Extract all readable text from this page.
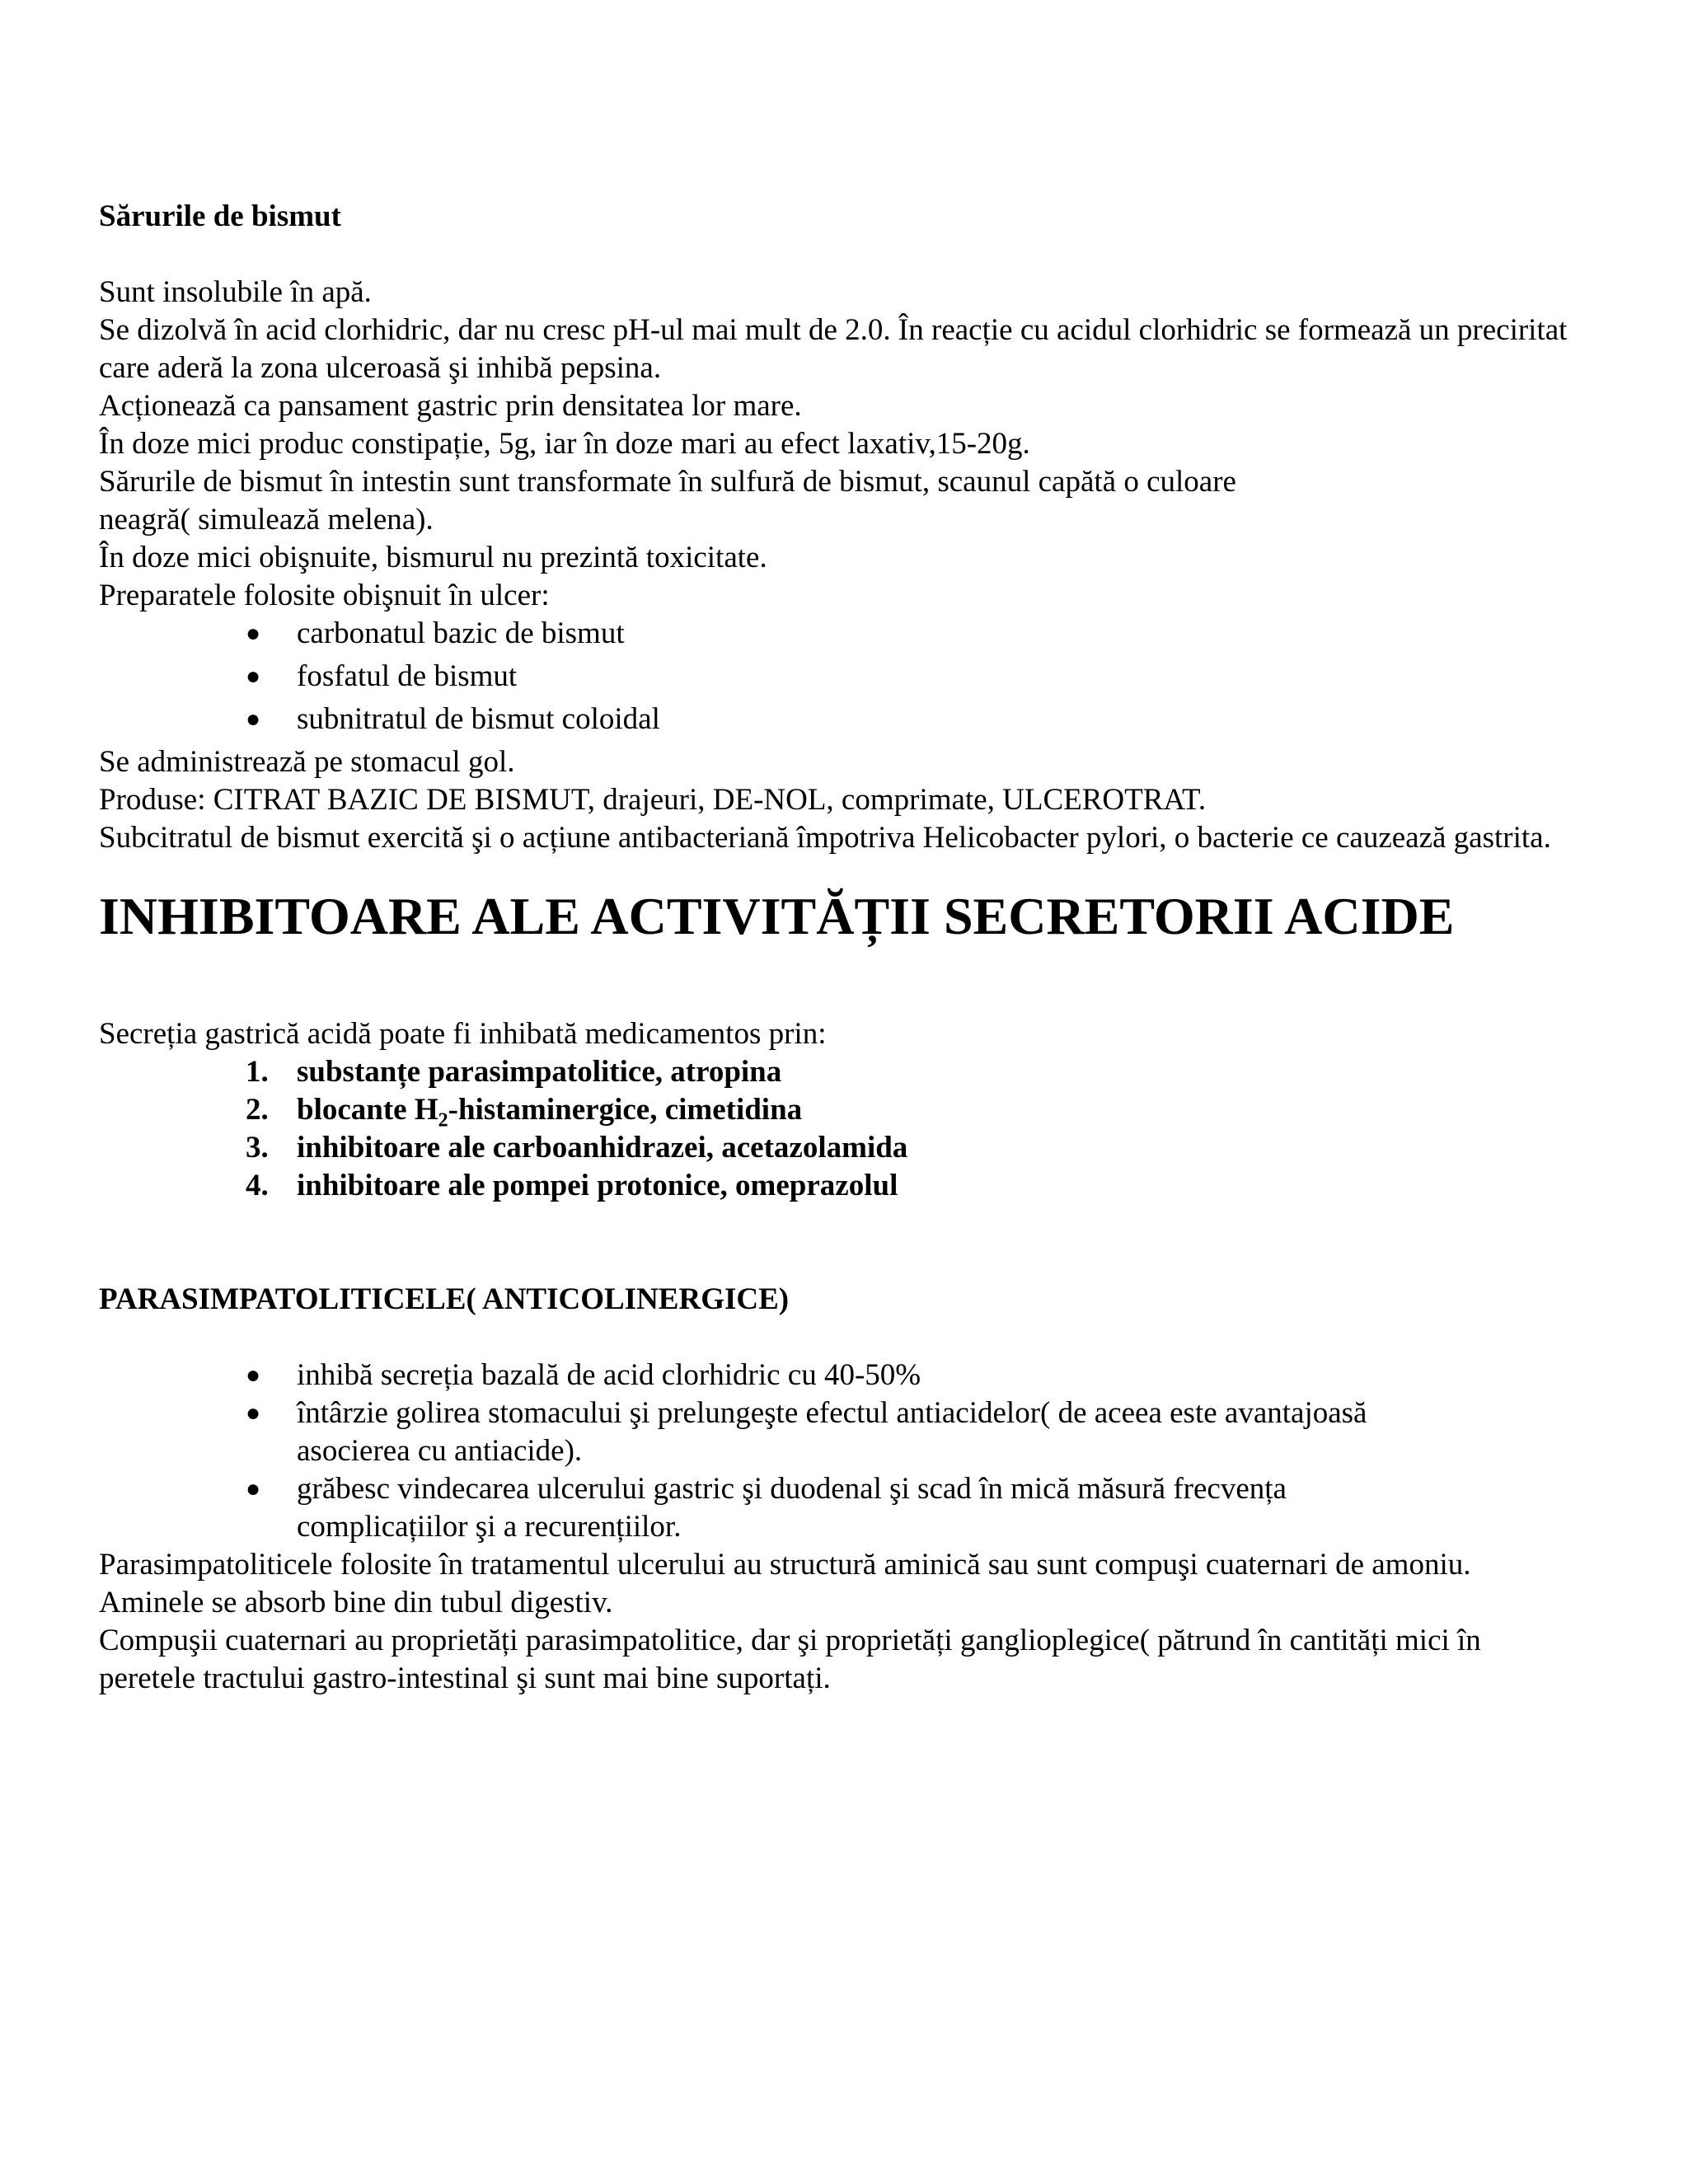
Sărurile de bismut

Sunt insolubile în apă.

Se dizolvă în acid clorhidric, dar nu cresc pH-ul mai mult de 2.0. În reacție cu acidul clorhidric se formează un preciritat care aderă la zona ulceroasă şi inhibă pepsina.

Acționează ca pansament gastric prin densitatea lor mare.

În doze mici produc constipație, 5g, iar în doze mari au efect laxativ,15-20g.

Sărurile de bismut în intestin sunt transformate în sulfură de bismut, scaunul capătă o culoare

neagră( simulează melena).

În doze mici obişnuite, bismurul nu prezintă toxicitate.

Preparatele folosite obişnuit în ulcer:

● carbonatul bazic de bismut
● fosfatul de bismut
● subnitratul de bismut coloidal

Se administrează pe stomacul gol.

Produse: CITRAT BAZIC DE BISMUT, drajeuri, DE-NOL, comprimate, ULCEROTRAT.

Subcitratul de bismut exercită şi o acțiune antibacteriană împotriva Helicobacter pylori, o bacterie ce cauzează gastrita.

INHIBITOARE ALE ACTIVITĂȚII SECRETORII ACIDE

Secreția gastrică acidă poate fi inhibată medicamentos prin:

1. substanțe parasimpatolitice, atropina
2. blocante $H_2$-histaminergice, cimetidina
3. inhibitoare ale carboanhidrazei, acetazolamida
4. inhibitoare ale pompei protonice, omeprazolul

PARASIMPATOLITICELE( ANTICOLINERGICE)

● inhibă secreția bazală de acid clorhidric cu 40-50%
● întârzie golirea stomacului şi prelungeşte efectul antiacidelor( de aceea este avantajoasă asocierea cu antiacide).
● grăbesc vindecarea ulcerului gastric şi duodenal şi scad în mică măsură frecvența complicațiilor şi a recurențiilor.

Parasimpatoliticele folosite în tratamentul ulcerului au structură aminică sau sunt compuşi cuaternari de amoniu.

Aminele se absorb bine din tubul digestiv.

Compuşii cuaternari au proprietăți parasimpatolitice, dar şi proprietăți ganglioplegice( pătrund în cantități mici în peretele tractului gastro-intestinal şi sunt mai bine suportați.
